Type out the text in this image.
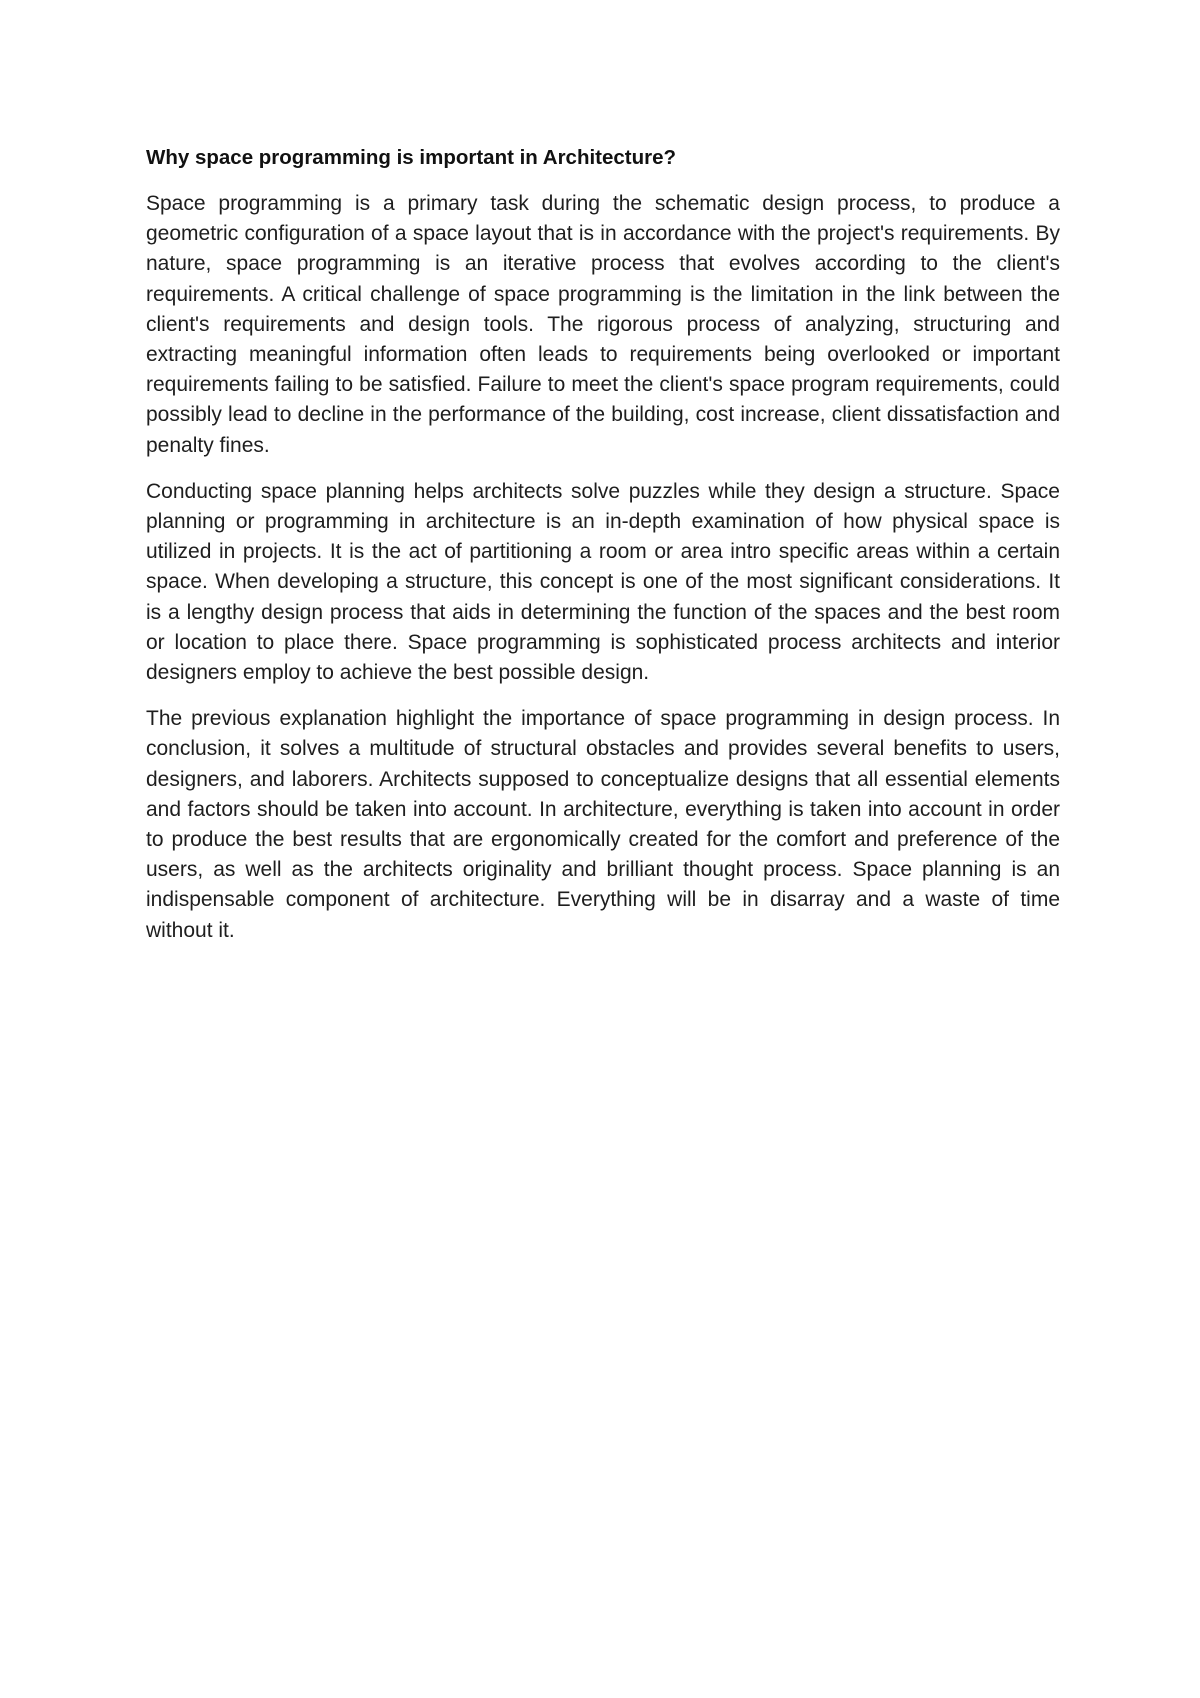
Why space programming is important in Architecture?

Space programming is a primary task during the schematic design process, to produce a geometric configuration of a space layout that is in accordance with the project's requirements. By nature, space programming is an iterative process that evolves according to the client's requirements. A critical challenge of space programming is the limitation in the link between the client's requirements and design tools. The rigorous process of analyzing, structuring and extracting meaningful information often leads to requirements being overlooked or important requirements failing to be satisfied. Failure to meet the client's space program requirements, could possibly lead to decline in the performance of the building, cost increase, client dissatisfaction and penalty fines.

Conducting space planning helps architects solve puzzles while they design a structure. Space planning or programming in architecture is an in-depth examination of how physical space is utilized in projects. It is the act of partitioning a room or area intro specific areas within a certain space. When developing a structure, this concept is one of the most significant considerations. It is a lengthy design process that aids in determining the function of the spaces and the best room or location to place there. Space programming is sophisticated process architects and interior designers employ to achieve the best possible design.

The previous explanation highlight the importance of space programming in design process. In conclusion, it solves a multitude of structural obstacles and provides several benefits to users, designers, and laborers. Architects supposed to conceptualize designs that all essential elements and factors should be taken into account. In architecture, everything is taken into account in order to produce the best results that are ergonomically created for the comfort and preference of the users, as well as the architects originality and brilliant thought process. Space planning is an indispensable component of architecture. Everything will be in disarray and a waste of time without it.
